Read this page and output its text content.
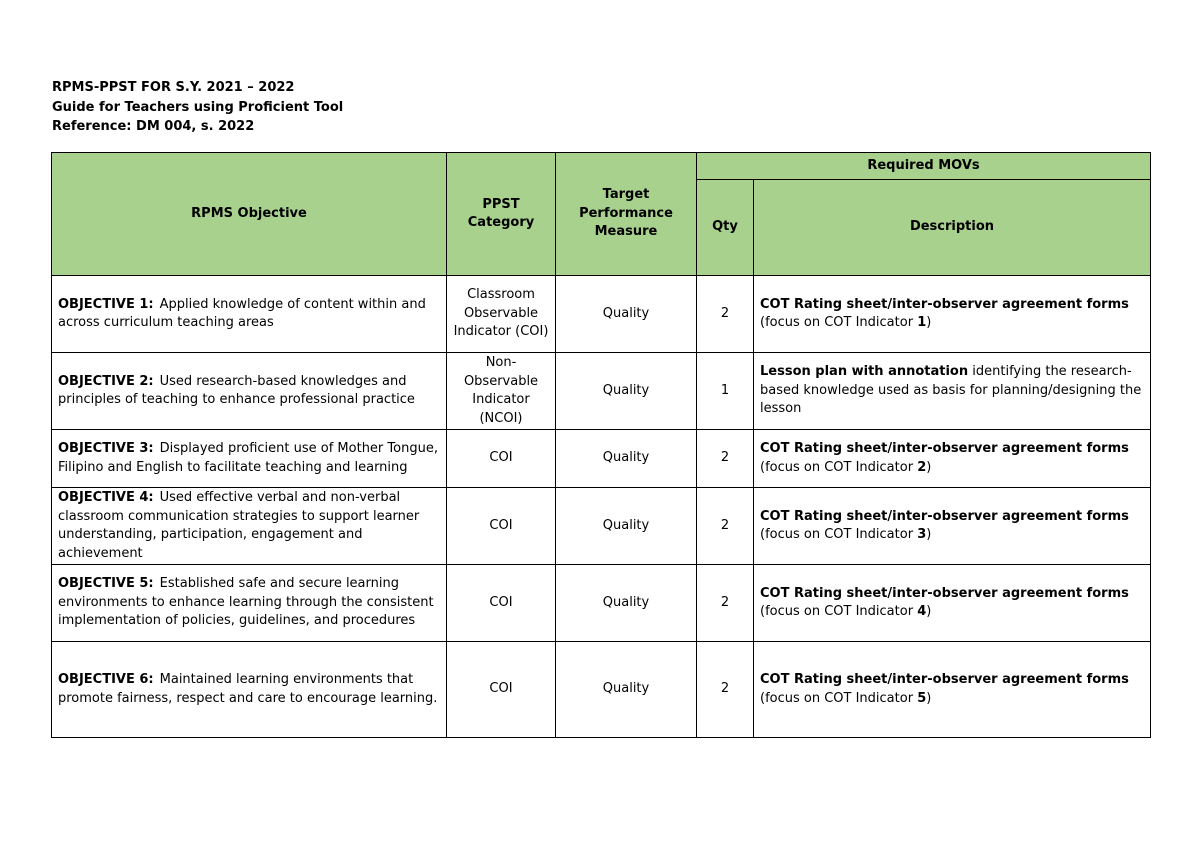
RPMS-PPST FOR S.Y. 2021 – 2022
Guide for Teachers using Proficient Tool
Reference: DM 004, s. 2022
RPMS Objective	PPST Category	Target Performance Measure	Required MOVs	
			Qty	Description
OBJECTIVE 1: Applied knowledge of content within and across curriculum teaching areas	Classroom Observable Indicator (COI)	Quality	2	COT Rating sheet/inter-observer agreement forms
(focus on COT Indicator 1)
OBJECTIVE 2: Used research-based knowledges and principles of teaching to enhance professional practice	Non-Observable Indicator (NCOI)	Quality	1	Lesson plan with annotation identifying the research-based knowledge used as basis for planning/designing the lesson
OBJECTIVE 3: Displayed proficient use of Mother Tongue, Filipino and English to facilitate teaching and learning	COI	Quality	2	COT Rating sheet/inter-observer agreement forms
(focus on COT Indicator 2)
OBJECTIVE 4: Used effective verbal and non-verbal classroom communication strategies to support learner understanding, participation, engagement and achievement	COI	Quality	2	COT Rating sheet/inter-observer agreement forms
(focus on COT Indicator 3)
OBJECTIVE 5: Established safe and secure learning environments to enhance learning through the consistent implementation of policies, guidelines, and procedures	COI	Quality	2	COT Rating sheet/inter-observer agreement forms
(focus on COT Indicator 4)
OBJECTIVE 6: Maintained learning environments that promote fairness, respect and care to encourage learning.	COI	Quality	2	COT Rating sheet/inter-observer agreement forms
(focus on COT Indicator 5)
